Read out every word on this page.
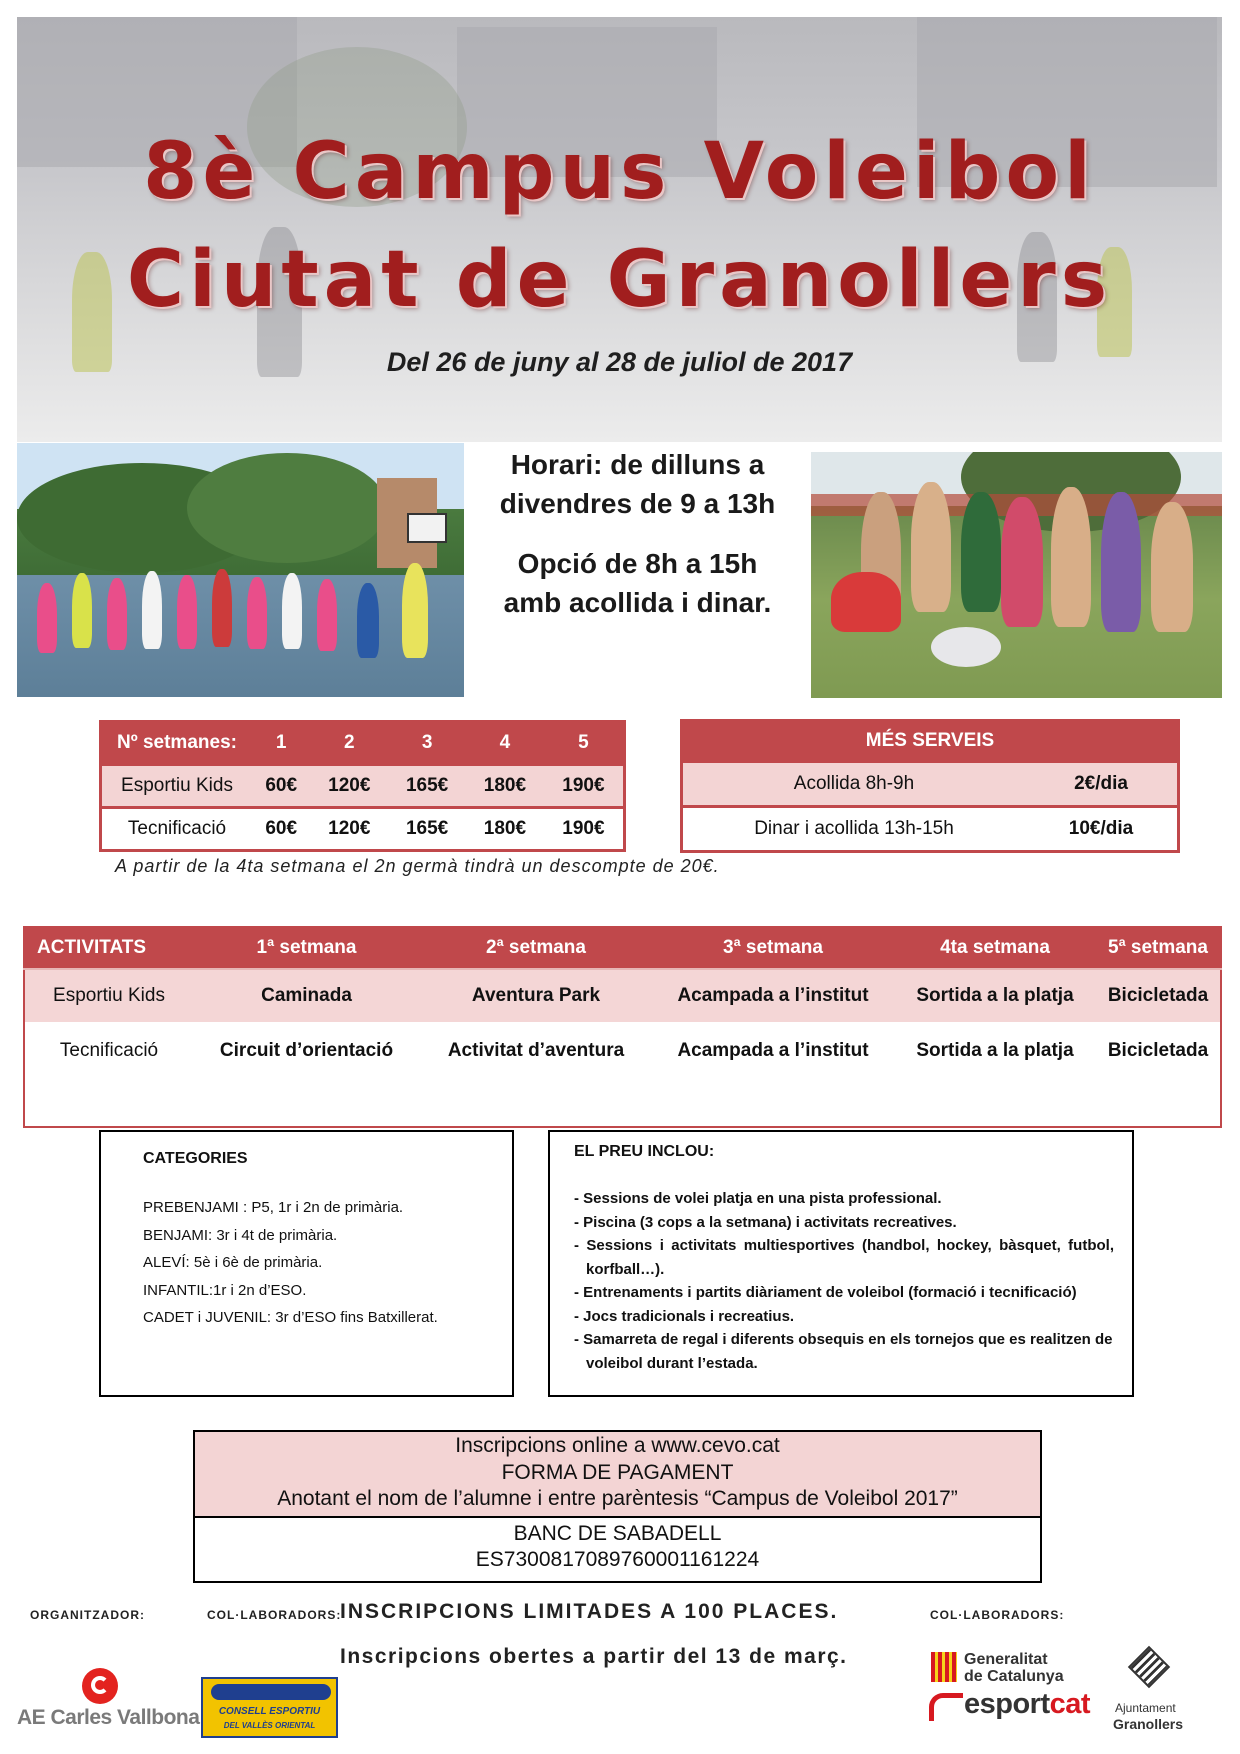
8è Campus Voleibol
Ciutat de Granollers
Del 26 de juny al 28 de juliol de 2017
Horari: de dilluns a
divendres de 9 a 13h
Opció de 8h a 15h
amb acollida i dinar.
Nº setmanes:	1	2	3	4	5
Esportiu Kids	60€	120€	165€	180€	190€
Tecnificació	60€	120€	165€	180€	190€
MÉS SERVEIS	
Acollida 8h-9h	2€/dia
Dinar i acollida 13h-15h	10€/dia
A partir de la 4ta setmana el 2n germà tindrà un descompte de 20€.
ACTIVITATS	1ª setmana	2ª setmana	3ª setmana	4ta setmana	5ª setmana
Esportiu Kids	Caminada	Aventura Park	Acampada a l’institut	Sortida a la platja	Bicicletada
Tecnificació	Circuit d’orientació	Activitat d’aventura	Acampada a l’institut	Sortida a la platja	Bicicletada

CATEGORIES
PREBENJAMI : P5, 1r i 2n de primària.
BENJAMI: 3r i 4t de primària.
ALEVÍ: 5è i 6è de primària.
INFANTIL:1r i 2n d’ESO.
CADET i JUVENIL: 3r d’ESO fins Batxillerat.
EL PREU INCLOU:
- Sessions de volei platja en una pista professional.
- Piscina (3 cops a la setmana) i activitats recreatives.
- Sessions i activitats multiesportives (handbol, hockey, bàsquet, futbol, korfball…).
- Entrenaments i partits diàriament de voleibol (formació i tecnificació)
- Jocs tradicionals i recreatius.
- Samarreta de regal i diferents obsequis en els tornejos que es realitzen de voleibol durant l’estada.
Inscripcions online a www.cevo.cat
FORMA DE PAGAMENT
Anotant el nom de l’alumne i entre parèntesis “Campus de Voleibol 2017”
BANC DE SABADELL
ES7300817089760001161224
ORGANITZADOR:	COL·LABORADORS:
INSCRIPCIONS LIMITADES A 100 PLACES.
Inscripcions obertes a partir del 13 de març.
COL·LABORADORS:
AE Carles Vallbona	CONSELL ESPORTIU
DEL VALLÈS ORIENTAL
Generalitat
de Catalunya
esportcat Ajuntament
Granollers
